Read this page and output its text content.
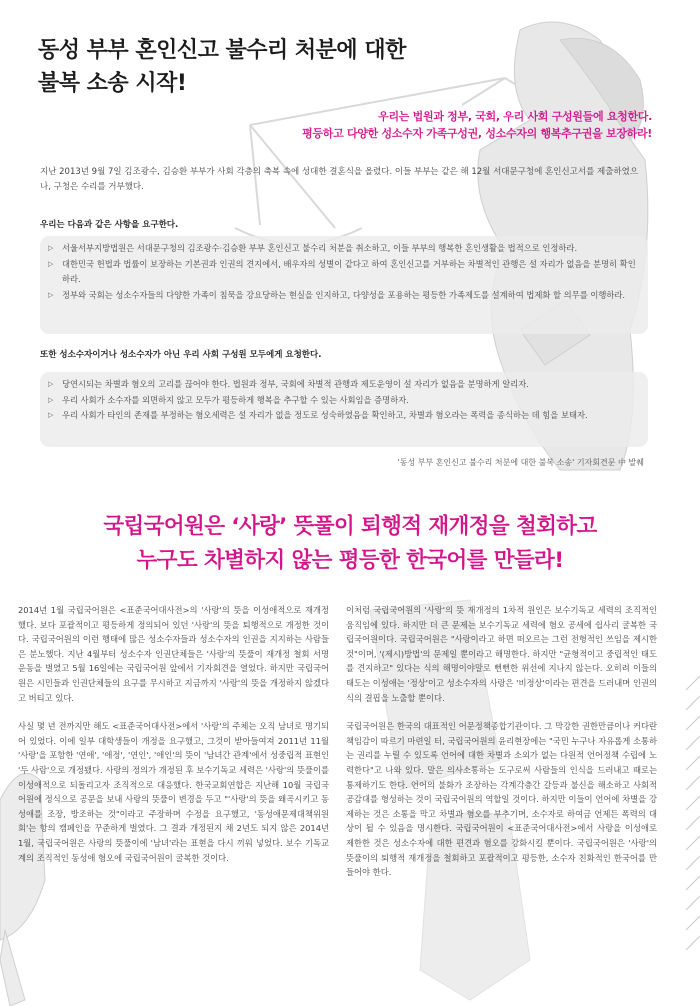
동성 부부 혼인신고 불수리 처분에 대한
불복 소송 시작!
우리는 법원과 정부, 국회, 우리 사회 구성원들에 요청한다.
평등하고 다양한 성소수자 가족구성권, 성소수자의 행복추구권을 보장하라!
지난 2013년 9월 7일 김조광수, 김승환 부부가 사회 각층의 축복 속에 성대한 결혼식을 올렸다. 이들 부부는 같은 해 12월 서대문구청에 혼인신고서를 제출하였으나, 구청은 수리를 거부했다.
우리는 다음과 같은 사항을 요구한다.
▷ 서울서부지방법원은 서대문구청의 김조광수·김승환 부부 혼인신고 불수리 처분을 취소하고, 이들 부부의 행복한 혼인생활을 법적으로 인정하라.
▷ 대한민국 헌법과 법률이 보장하는 기본권과 인권의 견지에서, 배우자의 성별이 같다고 하여 혼인신고를 거부하는 차별적인 관행은 설 자리가 없음을 분명히 확인하라.
▷ 정부와 국회는 성소수자들의 다양한 가족이 침묵을 강요당하는 현실을 인지하고, 다양성을 포용하는 평등한 가족제도를 설계하여 법제화 할 의무를 이행하라.
또한 성소수자이거나 성소수자가 아닌 우리 사회 구성원 모두에게 요청한다.
▷ 당연시되는 차별과 혐오의 고리를 끊어야 한다. 법원과 정부, 국회에 차별적 관행과 제도운영이 설 자리가 없음을 분명하게 알리자.
▷ 우리 사회가 소수자를 외면하지 않고 모두가 평등하게 행복을 추구할 수 있는 사회임을 증명하자.
▷ 우리 사회가 타인의 존재를 부정하는 혐오세력은 설 자리가 없을 정도로 성숙하였음을 확인하고, 차별과 혐오라는 폭력을 종식하는 데 힘을 보태자.
'동성 부부 혼인신고 불수리 처분에 대한 불복 소송' 기자회견문 中 발췌
국립국어원은 ‘사랑’ 뜻풀이 퇴행적 재개정을 철회하고
누구도 차별하지 않는 평등한 한국어를 만들라!

2014년 1월 국립국어원은 <표준국어대사전>의 '사랑'의 뜻을 이성애적으로 재개정했다. 보다 포괄적이고 평등하게 정의되어 있던 '사랑'의 뜻을 퇴행적으로 개정한 것이다. 국립국어원의 이런 행태에 많은 성소수자들과 성소수자의 인권을 지지하는 사람들은 분노했다. 지난 4월부터 성소수자 인권단체들은 '사랑'의 뜻풀이 재개정 철회 서명운동을 벌였고 5월 16일에는 국립국어원 앞에서 기자회견을 열었다. 하지만 국립국어원은 시민들과 인권단체들의 요구를 무시하고 지금까지 '사랑'의 뜻을 개정하지 않겠다고 버티고 있다.

사실 몇 년 전까지만 해도 <표준국어대사전>에서 '사랑'의 주체는 오직 남녀로 명기되어 있었다. 이에 일부 대학생들이 개정을 요구했고, 그것이 받아들여져 2011년 11월 '사랑'을 포함한 '연애', '애정', '연인', '애인'의 뜻이 '남녀간 관계'에서 성중립적 표현인 '두 사람'으로 개정됐다. 사랑의 정의가 개정된 후 보수기독교 세력은 '사랑'의 뜻풀이를 이성애적으로 되돌리고자 조직적으로 대응했다. 한국교회연합은 지난해 10월 국립국어원에 정식으로 공문을 보내 사랑의 뜻풀이 변경을 두고 "'사랑'의 뜻을 왜곡시키고 동성애를 조장, 방조하는 것"이라고 주장하며 수정을 요구했고, '동성애문제대책위원회'는 항의 캠페인을 꾸준하게 벌였다. 그 결과 개정된지 채 2년도 되지 않은 2014년 1월, 국립국어원은 사랑의 뜻풀이에 '남녀'라는 표현을 다시 끼워 넣었다. 보수 기독교계의 조직적인 동성애 혐오에 국립국어원이 굴복한 것이다.

이처럼 국립국어원의 '사랑'의 뜻 재개정의 1차적 원인은 보수기독교 세력의 조직적인 움직임에 있다. 하지만 더 큰 문제는 보수기독교 세력에 혐오 공세에 쉽사리 굴복한 국립국어원이다. 국립국어원은 "사랑이라고 하면 떠오르는 그런 전형적인 쓰임을 제시한 것"이며, '(제시)방법'의 문제일 뿐이라고 해명한다. 하지만 "균형적이고 중립적인 태도를 견지하고" 있다는 식의 해명이야말로 뻔뻔한 위선에 지나지 않는다. 오히려 이들의 태도는 이성애는 '정상'이고 성소수자의 사랑은 '비정상'이라는 편견을 드러내며 인권의식의 결핍을 노출할 뿐이다.

국립국어원은 한국의 대표적인 어문정책종합기관이다. 그 막강한 권한만큼이나 커다란 책임감이 따르기 마련일 터, 국립국어원의 윤리현장에는 "국민 누구나 자유롭게 소통하는 권리를 누릴 수 있도록 언어에 대한 차별과 소외가 없는 다원적 언어정책 수립에 노력한다"고 나와 있다. 말은 의사소통하는 도구로써 사람들의 인식을 드러내고 때로는 통제하기도 한다. 언어의 불화가 조장하는 각계각층간 갈등과 불신을 해소하고 사회적 공감대를 형성하는 것이 국립국어원의 역할일 것이다. 하지만 이들이 언어에 차별을 강제하는 것은 소통을 막고 차별과 혐오를 부추기며, 소수자로 하여금 언제든 폭력의 대상이 될 수 있음을 명시한다. 국립국어원이 <표준국어대사전>에서 사랑을 이성애로 제한한 것은 성소수자에 대한 편견과 혐오를 강화시킬 뿐이다. 국립국어원은 '사랑'의 뜻풀이의 퇴행적 재개정을 철회하고 포괄적이고 평등한, 소수자 친화적인 한국어를 만들어야 한다.
